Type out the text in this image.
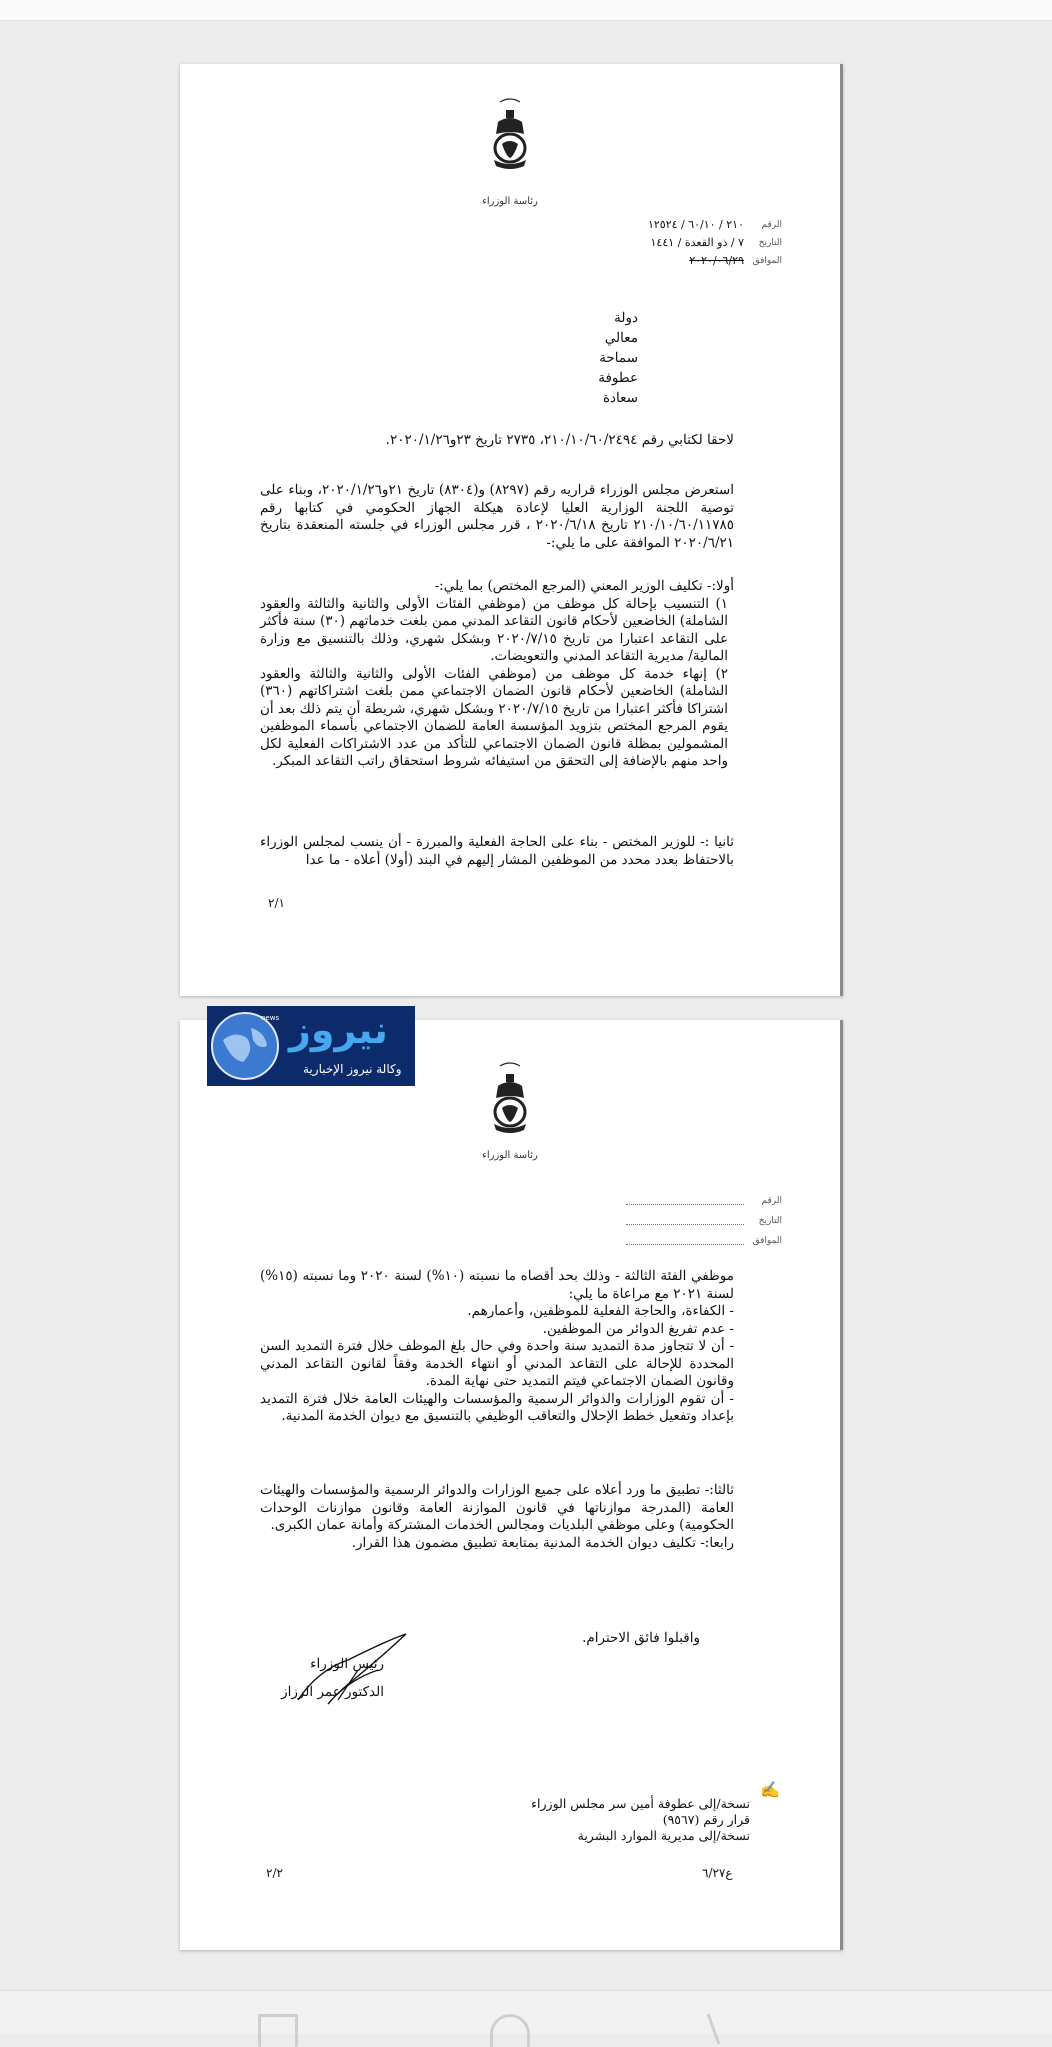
رئاسة الوزراء
٢١٠ / ٦٠/١٠ / ١٢٥٢٤ الرقم
٧ / ذو القعدة / ١٤٤١ التاريخ
٢٠٢٠/٠٦/٢٩ الموافق
دولة
معالي
سماحة
عطوفة
سعادة

لاحقا لكتابي رقم ٢١٠/١٠/٦٠/٢٤٩٤، ٢٧٣٥ تاريخ ٢٣و٢٠٢٠/١/٢٦.

استعرض مجلس الوزراء قراريه رقم (٨٢٩٧) و(٨٣٠٤) تاريخ ٢١و٢٠٢٠/١/٢٦، وبناء على توصية اللجنة الوزارية العليا لإعادة هيكلة الجهاز الحكومي في كتابها رقم ٢١٠/١٠/٦٠/١١٧٨٥ تاريخ ٢٠٢٠/٦/١٨ ، قرر مجلس الوزراء في جلسته المنعقدة بتاريخ ٢٠٢٠/٦/٢١ الموافقة على ما يلي:-

أولا:- تكليف الوزير المعني (المرجع المختص) بما يلي:-

١) التنسيب بإحالة كل موظف من (موظفي الفئات الأولى والثانية والثالثة والعقود الشاملة) الخاضعين لأحكام قانون التقاعد المدني ممن بلغت خدماتهم (٣٠) سنة فأكثر على التقاعد اعتبارا من تاريخ ٢٠٢٠/٧/١٥ وبشكل شهري، وذلك بالتنسيق مع وزارة المالية/ مديرية التقاعد المدني والتعويضات.

٢) إنهاء خدمة كل موظف من (موظفي الفئات الأولى والثانية والثالثة والعقود الشاملة) الخاضعين لأحكام قانون الضمان الاجتماعي ممن بلغت اشتراكاتهم (٣٦٠) اشتراكا فأكثر اعتبارا من تاريخ ٢٠٢٠/٧/١٥ وبشكل شهري، شريطة أن يتم ذلك بعد أن يقوم المرجع المختص بتزويد المؤسسة العامة للضمان الاجتماعي بأسماء الموظفين المشمولين بمظلة قانون الضمان الاجتماعي للتأكد من عدد الاشتراكات الفعلية لكل واحد منهم بالإضافة إلى التحقق من استيفائه شروط استحقاق راتب التقاعد المبكر.

ثانيا :- للوزير المختص - بناء على الحاجة الفعلية والمبررة - أن ينسب لمجلس الوزراء بالاحتفاظ بعدد محدد من الموظفين المشار إليهم في البند (أولا) أعلاه - ما عدا

٢/١
نيروز
وكالة نيروز الإخبارية
news
رئاسة الوزراء
الرقم
التاريخ
الموافق

موظفي الفئة الثالثة - وذلك بحد أقصاه ما نسبته (١٠%) لسنة ٢٠٢٠ وما نسبته (١٥%) لسنة ٢٠٢١ مع مراعاة ما يلي:

- الكفاءة، والحاجة الفعلية للموظفين، وأعمارهم.

- عدم تفريغ الدوائر من الموظفين.

- أن لا تتجاوز مدة التمديد سنة واحدة وفي حال بلغ الموظف خلال فترة التمديد السن المحددة للإحالة على التقاعد المدني أو انتهاء الخدمة وفقاً لقانون التقاعد المدني وقانون الضمان الاجتماعي فيتم التمديد حتى نهاية المدة.

- أن تقوم الوزارات والدوائر الرسمية والمؤسسات والهيئات العامة خلال فترة التمديد بإعداد وتفعيل خطط الإحلال والتعاقب الوظيفي بالتنسيق مع ديوان الخدمة المدنية.

ثالثا:- تطبيق ما ورد أعلاه على جميع الوزارات والدوائر الرسمية والمؤسسات والهيئات العامة (المدرجة موازناتها في قانون الموازنة العامة وقانون موازنات الوحدات الحكومية) وعلى موظفي البلديات ومجالس الخدمات المشتركة وأمانة عمان الكبرى.

رابعا:- تكليف ديوان الخدمة المدنية بمتابعة تطبيق مضمون هذا القرار.

واقبلوا فائق الاحترام.

رئيس الوزراء

الدكتور عمر الرزاز

✍

نسخة/إلى عطوفة أمين سر مجلس الوزراء

قرار رقم (٩٥٦٧)

نسخة/إلى مديرية الموارد البشرية

٢/٢	ع٦/٢٧
